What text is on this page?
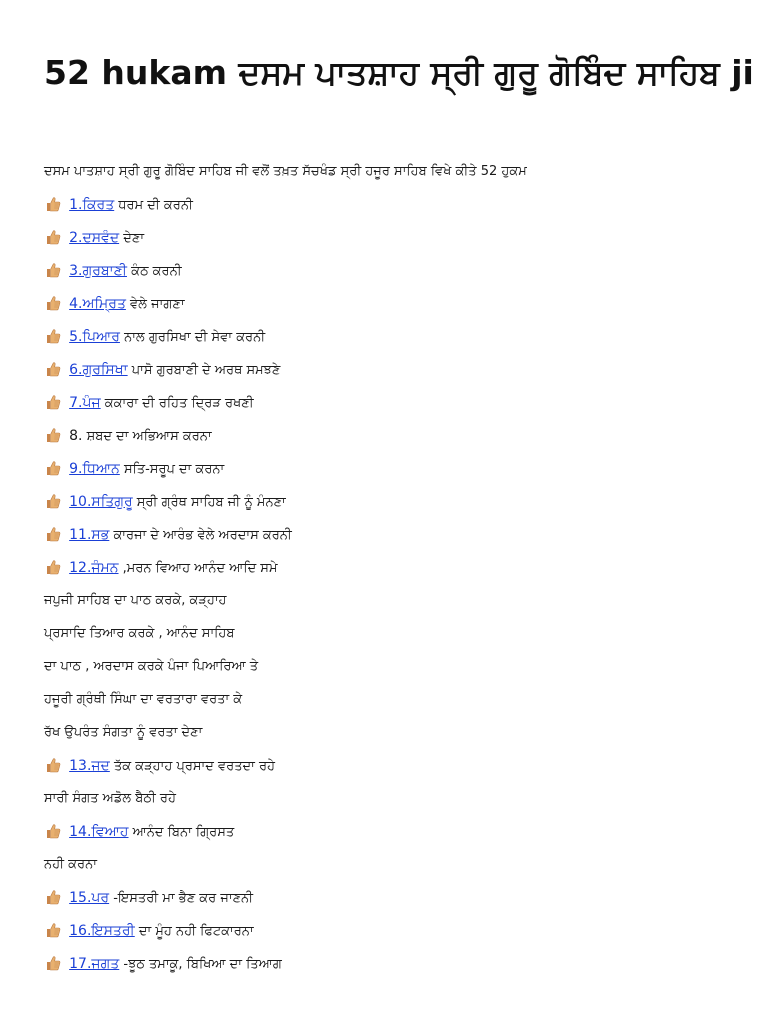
52 hukam ਦਸਮ ਪਾਤਸ਼ਾਹ ਸ੍ਰੀ ਗੁਰੂ ਗੋਬਿੰਦ ਸਾਹਿਬ ji
ਦਸਮ ਪਾਤਸ਼ਾਹ ਸ੍ਰੀ ਗੁਰੂ ਗੋਬਿੰਦ ਸਾਹਿਬ ਜੀ ਵਲੋਂ ਤਖ਼ਤ ਸੱਚਖੰਡ ਸ੍ਰੀ ਹਜੂਰ ਸਾਹਿਬ ਵਿਖੇ ਕੀਤੇ 52 ਹੁਕਮ
1.ਕਿਰਤ ਧਰਮ ਦੀ ਕਰਨੀ
2.ਦਸਵੰਦ ਦੇਣਾ
3.ਗੁਰਬਾਣੀ ਕੰਠ ਕਰਨੀ
4.ਅਮ੍ਰਿਤ ਵੇਲੇ ਜਾਗਣਾ
5.ਪਿਆਰ ਨਾਲ ਗੁਰਸਿਖਾ ਦੀ ਸੇਵਾ ਕਰਨੀ
6.ਗੁਰਸਿਖਾ ਪਾਸੋ ਗੁਰਬਾਣੀ ਦੇ ਅਰਥ ਸਮਝਣੇ
7.ਪੰਜ ਕਕਾਰਾ ਦੀ ਰਹਿਤ ਦ੍ਰਿੜ ਰਖਣੀ
8. ਸ਼ਬਦ ਦਾ ਅਭਿਆਸ ਕਰਨਾ
9.ਧਿਆਨ ਸਤਿ-ਸਰੂਪ ਦਾ ਕਰਨਾ
10.ਸਤਿਗੁਰੂ ਸ੍ਰੀ ਗ੍ਰੰਥ ਸਾਹਿਬ ਜੀ ਨੂੰ ਮੰਨਣਾ
11.ਸਭ ਕਾਰਜਾ ਦੇ ਆਰੰਭ ਵੇਲੇ ਅਰਦਾਸ ਕਰਨੀ
12.ਜੰਮਨ ,ਮਰਨ ਵਿਆਹ ਆਨੰਦ ਆਦਿ ਸਮੇ
ਜਪੁਜੀ ਸਾਹਿਬ ਦਾ ਪਾਠ ਕਰਕੇ, ਕੜ੍ਹਾਹ
ਪ੍ਰਸਾਦਿ ਤਿਆਰ ਕਰਕੇ , ਆਨੰਦ ਸਾਹਿਬ
ਦਾ ਪਾਠ , ਅਰਦਾਸ ਕਰਕੇ ਪੰਜਾ ਪਿਆਰਿਆ ਤੇ
ਹਜੂਰੀ ਗ੍ਰੰਥੀ ਸਿੰਘਾ ਦਾ ਵਰਤਾਰਾ ਵਰਤਾ ਕੇ
ਰੱਖ ਉਪਰੰਤ ਸੰਗਤਾ ਨੂੰ ਵਰਤਾ ਦੇਣਾ
13.ਜਦ ਤੱਕ ਕੜ੍ਹਾਹ ਪ੍ਰਸਾਦ ਵਰਤਦਾ ਰਹੇ
ਸਾਰੀ ਸੰਗਤ ਅਡੋਲ ਬੈਠੀ ਰਹੇ
14.ਵਿਆਹ ਆਨੰਦ ਬਿਨਾ ਗ੍ਰਿਸਤ
ਨਹੀ ਕਰਨਾ
15.ਪਰ -ਇਸਤਰੀ ਮਾ ਭੈਣ ਕਰ ਜਾਣਨੀ
16.ਇਸਤਰੀ ਦਾ ਮੂੰਹ ਨਹੀ ਫਿਟਕਾਰਨਾ
17.ਜਗਤ -ਝੂਠ ਤਮਾਕੂ, ਬਿਖਿਆ ਦਾ ਤਿਆਗ
